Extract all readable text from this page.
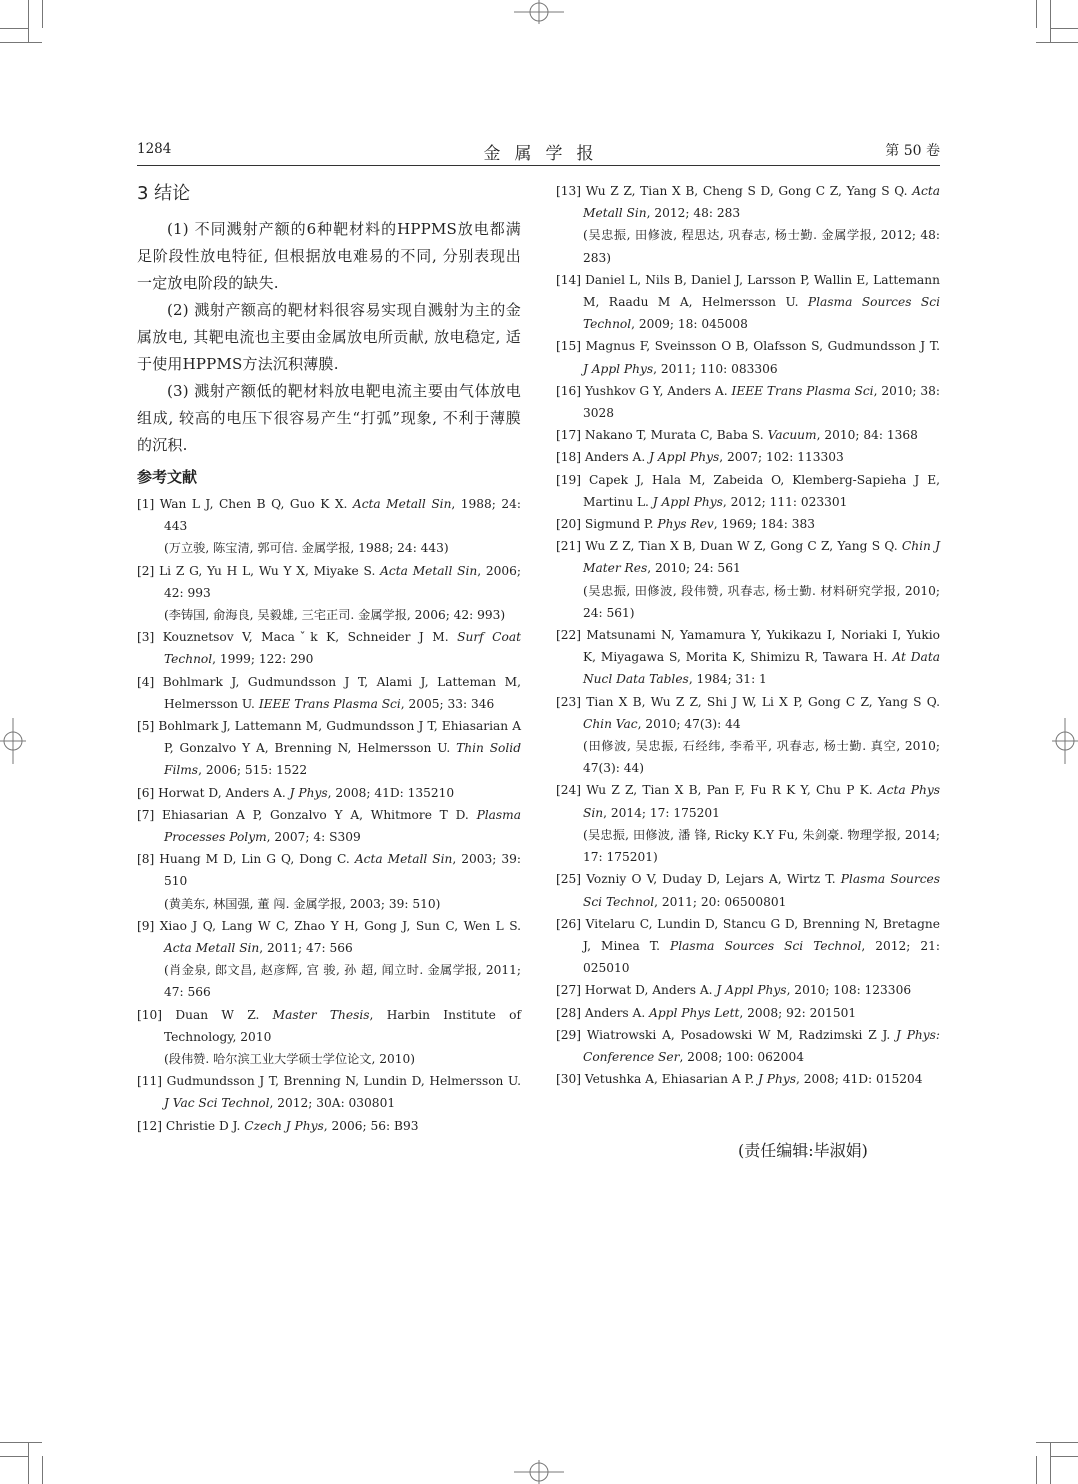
1284	金属学报	第 50 卷
3 结论

(1) 不同溅射产额的6种靶材料的HPPMS放电都满足阶段性放电特征, 但根据放电难易的不同, 分别表现出一定放电阶段的缺失.

(2) 溅射产额高的靶材料很容易实现自溅射为主的金属放电, 其靶电流也主要由金属放电所贡献, 放电稳定, 适于使用HPPMS方法沉积薄膜.

(3) 溅射产额低的靶材料放电靶电流主要由气体放电组成, 较高的电压下很容易产生“打弧”现象, 不利于薄膜的沉积.

参考文献
[1] Wan L J, Chen B Q, Guo K X. Acta Metall Sin, 1988; 24: 443
(万立骏, 陈宝清, 郭可信. 金属学报, 1988; 24: 443)
[2] Li Z G, Yu H L, Wu Y X, Miyake S. Acta Metall Sin, 2006; 42: 993
(李铸国, 俞海良, 吴毅雄, 三宅正司. 金属学报, 2006; 42: 993)
[3] Kouznetsov V, Macaˇk K, Schneider J M. Surf Coat Technol, 1999; 122: 290
[4] Bohlmark J, Gudmundsson J T, Alami J, Latteman M, Helmersson U. IEEE Trans Plasma Sci, 2005; 33: 346
[5] Bohlmark J, Lattemann M, Gudmundsson J T, Ehiasarian A P, Gonzalvo Y A, Brenning N, Helmersson U. Thin Solid Films, 2006; 515: 1522
[6] Horwat D, Anders A. J Phys, 2008; 41D: 135210
[7] Ehiasarian A P, Gonzalvo Y A, Whitmore T D. Plasma Processes Polym, 2007; 4: S309
[8] Huang M D, Lin G Q, Dong C. Acta Metall Sin, 2003; 39: 510
(黄美东, 林国强, 董 闯. 金属学报, 2003; 39: 510)
[9] Xiao J Q, Lang W C, Zhao Y H, Gong J, Sun C, Wen L S. Acta Metall Sin, 2011; 47: 566
(肖金泉, 郎文昌, 赵彦辉, 宫 骏, 孙 超, 闻立时. 金属学报, 2011; 47: 566
[10] Duan W Z. Master Thesis, Harbin Institute of Technology, 2010
(段伟赞. 哈尔滨工业大学硕士学位论文, 2010)
[11] Gudmundsson J T, Brenning N, Lundin D, Helmersson U. J Vac Sci Technol, 2012; 30A: 030801
[12] Christie D J. Czech J Phys, 2006; 56: B93
[13] Wu Z Z, Tian X B, Cheng S D, Gong C Z, Yang S Q. Acta Metall Sin, 2012; 48: 283
(吴忠振, 田修波, 程思达, 巩春志, 杨士勤. 金属学报, 2012; 48: 283)
[14] Daniel L, Nils B, Daniel J, Larsson P, Wallin E, Lattemann M, Raadu M A, Helmersson U. Plasma Sources Sci Technol, 2009; 18: 045008
[15] Magnus F, Sveinsson O B, Olafsson S, Gudmundsson J T. J Appl Phys, 2011; 110: 083306
[16] Yushkov G Y, Anders A. IEEE Trans Plasma Sci, 2010; 38: 3028
[17] Nakano T, Murata C, Baba S. Vacuum, 2010; 84: 1368
[18] Anders A. J Appl Phys, 2007; 102: 113303
[19] Capek J, Hala M, Zabeida O, Klemberg-Sapieha J E, Martinu L. J Appl Phys, 2012; 111: 023301
[20] Sigmund P. Phys Rev, 1969; 184: 383
[21] Wu Z Z, Tian X B, Duan W Z, Gong C Z, Yang S Q. Chin J Mater Res, 2010; 24: 561
(吴忠振, 田修波, 段伟赞, 巩春志, 杨士勤. 材料研究学报, 2010; 24: 561)
[22] Matsunami N, Yamamura Y, Yukikazu I, Noriaki I, Yukio K, Miyagawa S, Morita K, Shimizu R, Tawara H. At Data Nucl Data Tables, 1984; 31: 1
[23] Tian X B, Wu Z Z, Shi J W, Li X P, Gong C Z, Yang S Q. Chin Vac, 2010; 47(3): 44
(田修波, 吴忠振, 石经纬, 李希平, 巩春志, 杨士勤. 真空, 2010; 47(3): 44)
[24] Wu Z Z, Tian X B, Pan F, Fu R K Y, Chu P K. Acta Phys Sin, 2014; 17: 175201
(吴忠振, 田修波, 潘 锋, Ricky K.Y Fu, 朱剑豪. 物理学报, 2014; 17: 175201)
[25] Vozniy O V, Duday D, Lejars A, Wirtz T. Plasma Sources Sci Technol, 2011; 20: 06500801
[26] Vitelaru C, Lundin D, Stancu G D, Brenning N, Bretagne J, Minea T. Plasma Sources Sci Technol, 2012; 21: 025010
[27] Horwat D, Anders A. J Appl Phys, 2010; 108: 123306
[28] Anders A. Appl Phys Lett, 2008; 92: 201501
[29] Wiatrowski A, Posadowski W M, Radzimski Z J. J Phys: Conference Ser, 2008; 100: 062004
[30] Vetushka A, Ehiasarian A P. J Phys, 2008; 41D: 015204
(责任编辑:毕淑娟)
